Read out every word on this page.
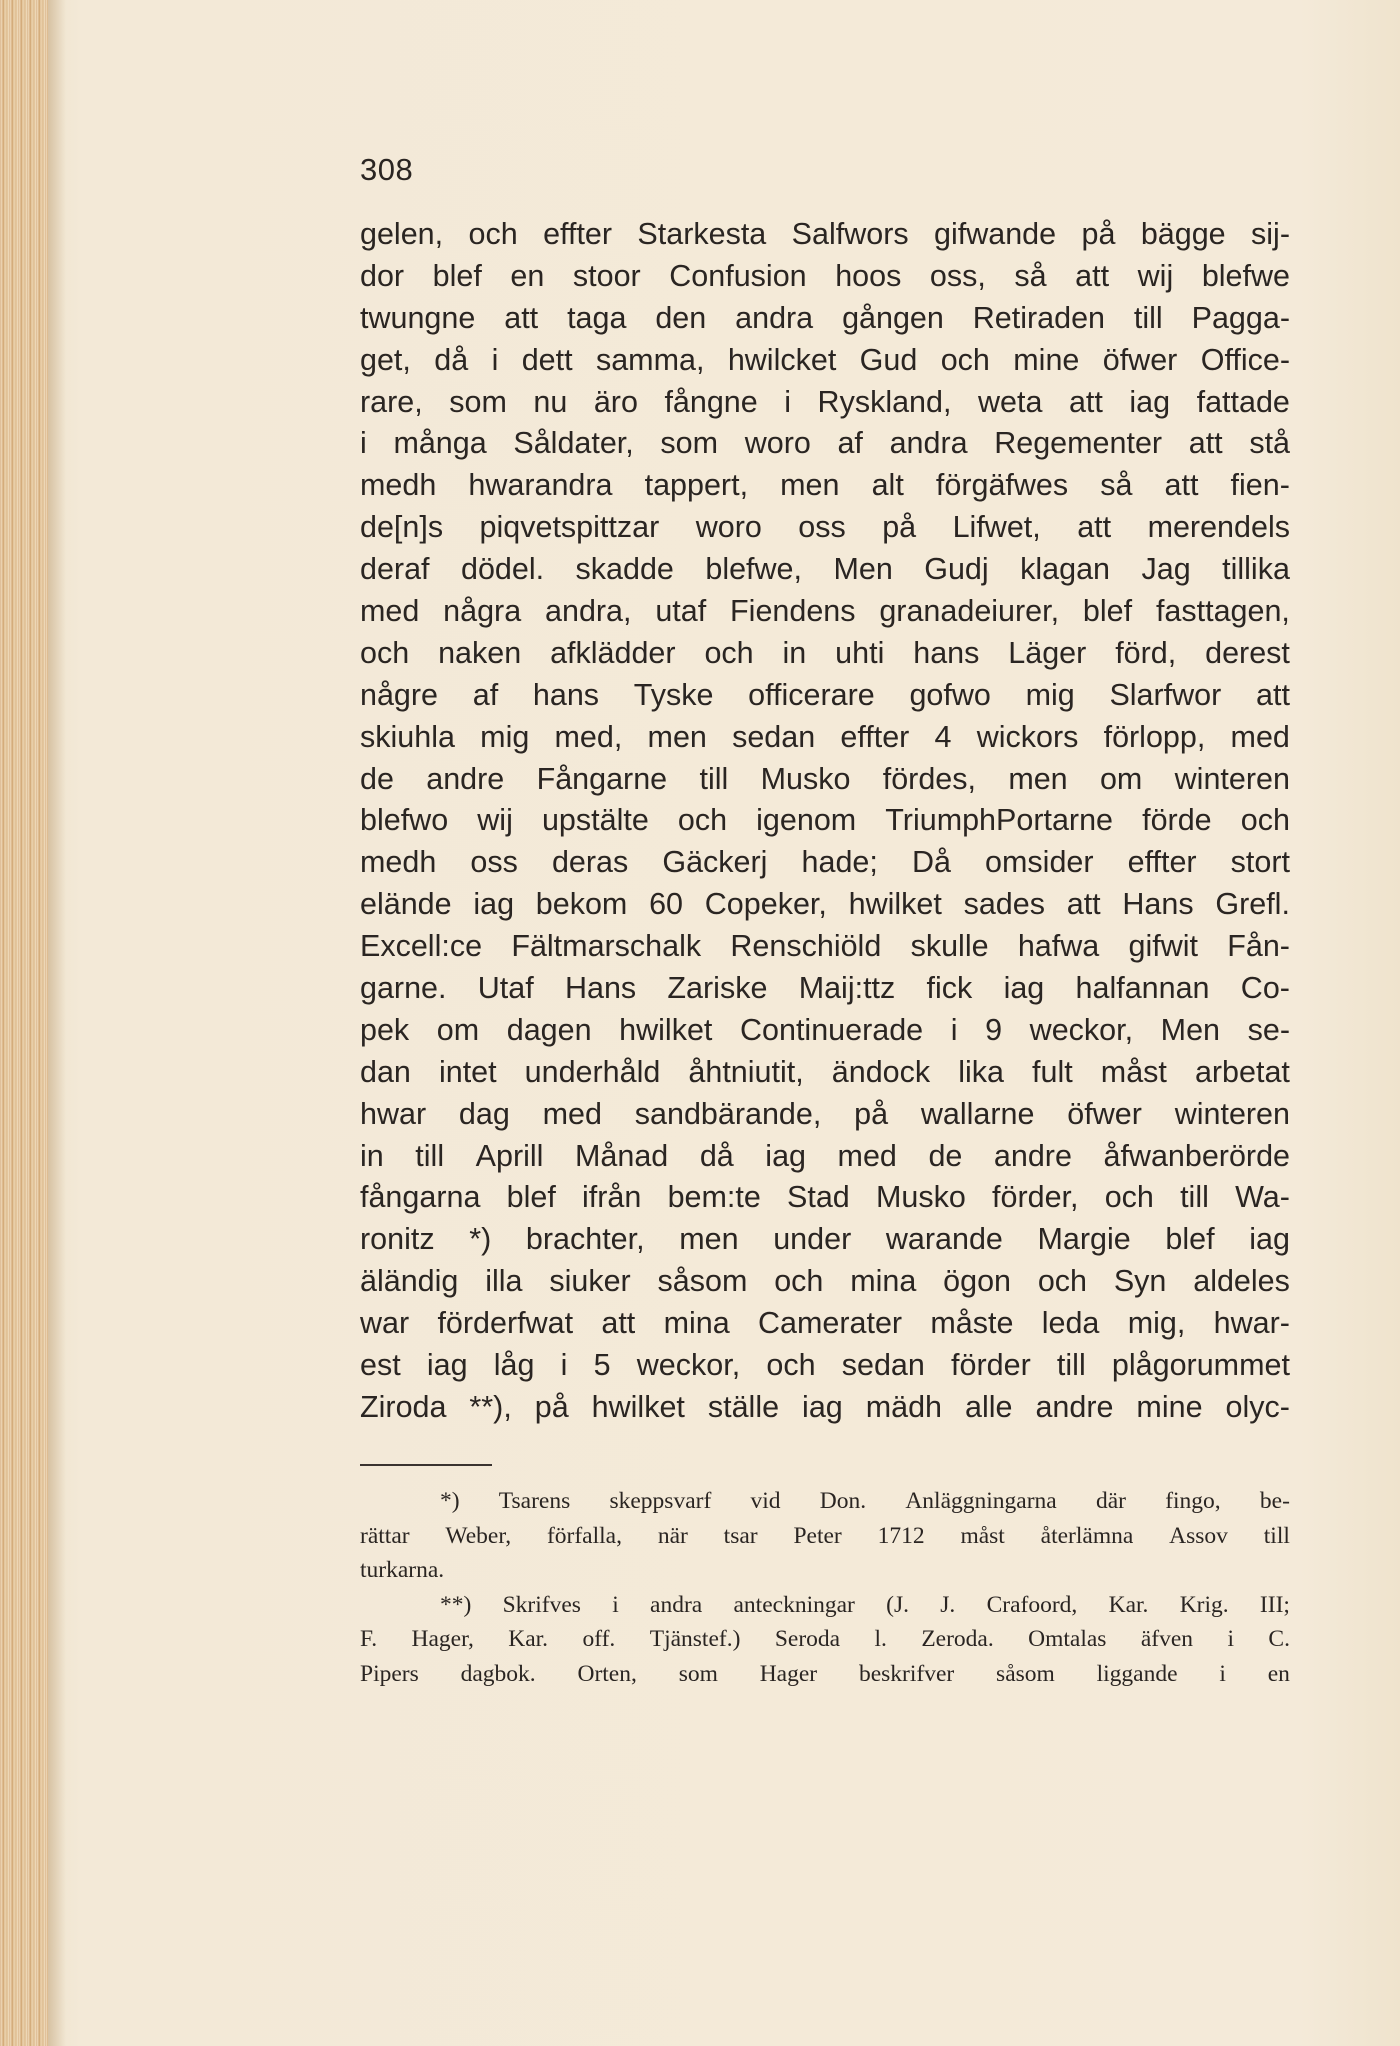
308
gelen, och effter Starkesta Salfwors gifwande på bägge sij-
dor blef en stoor Confusion hoos oss, så att wij blefwe
twungne att taga den andra gången Retiraden till Pagga-
get, då i dett samma, hwilcket Gud och mine öfwer Office-
rare, som nu äro fångne i Ryskland, weta att iag fattade
i många Såldater, som woro af andra Regementer att stå
medh hwarandra tappert, men alt förgäfwes så att fien-
de[n]s piqvetspittzar woro oss på Lifwet, att merendels
deraf dödel. skadde blefwe, Men Gudj klagan Jag tillika
med några andra, utaf Fiendens granadeiurer, blef fasttagen,
och naken afklädder och in uhti hans Läger förd, derest
någre af hans Tyske officerare gofwo mig Slarfwor att
skiuhla mig med, men sedan effter 4 wickors förlopp, med
de andre Fångarne till Musko fördes, men om winteren
blefwo wij upstälte och igenom TriumphPortarne förde och
medh oss deras Gäckerj hade; Då omsider effter stort
elände iag bekom 60 Copeker, hwilket sades att Hans Grefl.
Excell:ce Fältmarschalk Renschiöld skulle hafwa gifwit Fån-
garne. Utaf Hans Zariske Maij:ttz fick iag halfannan Co-
pek om dagen hwilket Continuerade i 9 weckor, Men se-
dan intet underhåld åhtniutit, ändock lika fult måst arbetat
hwar dag med sandbärande, på wallarne öfwer winteren
in till Aprill Månad då iag med de andre åfwanberörde
fångarna blef ifrån bem:te Stad Musko förder, och till Wa-
ronitz *) brachter, men under warande Margie blef iag
äländig illa siuker såsom och mina ögon och Syn aldeles
war förderfwat att mina Camerater måste leda mig, hwar-
est iag låg i 5 weckor, och sedan förder till plågorummet
Ziroda **), på hwilket ställe iag mädh alle andre mine olyc-
*) Tsarens skeppsvarf vid Don. Anläggningarna där fingo, be-
rättar Weber, förfalla, när tsar Peter 1712 måst återlämna Assov till
turkarna.
**) Skrifves i andra anteckningar (J. J. Crafoord, Kar. Krig. III;
F. Hager, Kar. off. Tjänstef.) Seroda l. Zeroda. Omtalas äfven i C.
Pipers dagbok. Orten, som Hager beskrifver såsom liggande i en
